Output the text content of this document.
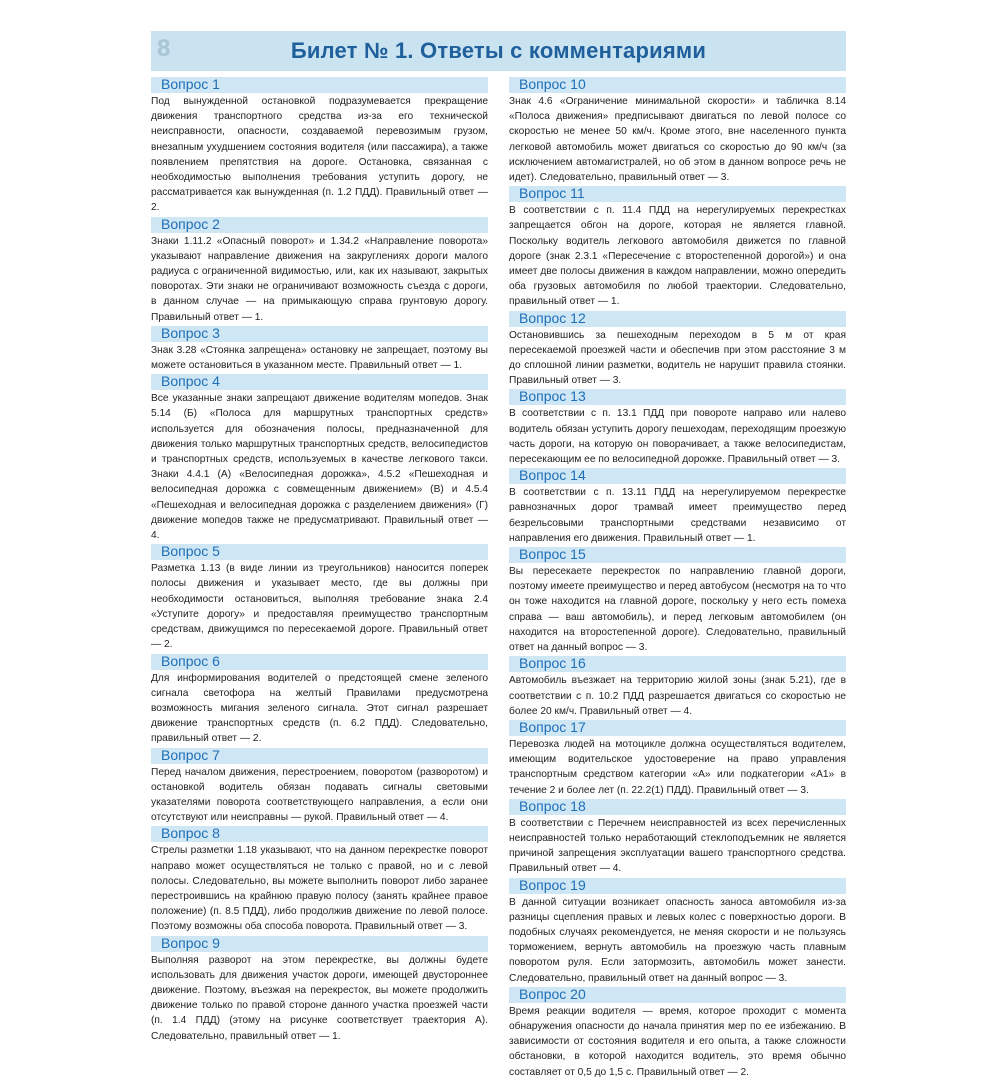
8	Билет № 1. Ответы с комментариями
Вопрос 1

Под вынужденной остановкой подразумевается прекращение движения транспортного средства из-за его технической неисправности, опасности, создаваемой перевозимым грузом, внезапным ухудшением состояния водителя (или пассажира), а также появлением препятствия на дороге. Остановка, связанная с необходимостью выполнения требования уступить дорогу, не рассматривается как вынужденная (п. 1.2 ПДД). Правильный ответ — 2.

Вопрос 2

Знаки 1.11.2 «Опасный поворот» и 1.34.2 «Направление поворота» указывают направление движения на закруглениях дороги малого радиуса с ограниченной видимостью, или, как их называют, закрытых поворотах. Эти знаки не ограничивают возможность съезда с дороги, в данном случае — на примыкающую справа грунтовую дорогу. Правильный ответ — 1.

Вопрос 3

Знак 3.28 «Стоянка запрещена» остановку не запрещает, поэтому вы можете остановиться в указанном месте. Правильный ответ — 1.

Вопрос 4

Все указанные знаки запрещают движение водителям мопедов. Знак 5.14 (Б) «Полоса для маршрутных транспортных средств» используется для обозначения полосы, предназначенной для движения только маршрутных транспортных средств, велосипедистов и транспортных средств, используемых в качестве легкового такси. Знаки 4.4.1 (А) «Велосипедная дорожка», 4.5.2 «Пешеходная и велосипедная дорожка с совмещенным движением» (В) и 4.5.4 «Пешеходная и велосипедная дорожка с разделением движения» (Г) движение мопедов также не предусматривают. Правильный ответ — 4.

Вопрос 5

Разметка 1.13 (в виде линии из треугольников) наносится поперек полосы движения и указывает место, где вы должны при необходимости остановиться, выполняя требование знака 2.4 «Уступите дорогу» и предоставляя преимущество транспортным средствам, движущимся по пересекаемой дороге. Правильный ответ — 2.

Вопрос 6

Для информирования водителей о предстоящей смене зеленого сигнала светофора на желтый Правилами предусмотрена возможность мигания зеленого сигнала. Этот сигнал разрешает движение транспортных средств (п. 6.2 ПДД). Следовательно, правильный ответ — 2.

Вопрос 7

Перед началом движения, перестроением, поворотом (разворотом) и остановкой водитель обязан подавать сигналы световыми указателями поворота соответствующего направления, а если они отсутствуют или неисправны — рукой. Правильный ответ — 4.

Вопрос 8

Стрелы разметки 1.18 указывают, что на данном перекрестке поворот направо может осуществляться не только с правой, но и с левой полосы. Следовательно, вы можете выполнить поворот либо заранее перестроившись на крайнюю правую полосу (занять крайнее правое положение) (п. 8.5 ПДД), либо продолжив движение по левой полосе. Поэтому возможны оба способа поворота. Правильный ответ — 3.

Вопрос 9

Выполняя разворот на этом перекрестке, вы должны будете использовать для движения участок дороги, имеющей двустороннее движение. Поэтому, въезжая на перекресток, вы можете продолжить движение только по правой стороне данного участка проезжей части (п. 1.4 ПДД) (этому на рисунке соответствует траектория А). Следовательно, правильный ответ — 1.

Вопрос 10

Знак 4.6 «Ограничение минимальной скорости» и табличка 8.14 «Полоса движения» предписывают двигаться по левой полосе со скоростью не менее 50 км/ч. Кроме этого, вне населенного пункта легковой автомобиль может двигаться со скоростью до 90 км/ч (за исключением автомагистралей, но об этом в данном вопросе речь не идет). Следовательно, правильный ответ — 3.

Вопрос 11

В соответствии с п. 11.4 ПДД на нерегулируемых перекрестках запрещается обгон на дороге, которая не является главной. Поскольку водитель легкового автомобиля движется по главной дороге (знак 2.3.1 «Пересечение с второстепенной дорогой») и она имеет две полосы движения в каждом направлении, можно опередить оба грузовых автомобиля по любой траектории. Следовательно, правильный ответ — 1.

Вопрос 12

Остановившись за пешеходным переходом в 5 м от края пересекаемой проезжей части и обеспечив при этом расстояние 3 м до сплошной линии разметки, водитель не нарушит правила стоянки. Правильный ответ — 3.

Вопрос 13

В соответствии с п. 13.1 ПДД при повороте направо или налево водитель обязан уступить дорогу пешеходам, переходящим проезжую часть дороги, на которую он поворачивает, а также велосипедистам, пересекающим ее по велосипедной дорожке. Правильный ответ — 3.

Вопрос 14

В соответствии с п. 13.11 ПДД на нерегулируемом перекрестке равнозначных дорог трамвай имеет преимущество перед безрельсовыми транспортными средствами независимо от направления его движения. Правильный ответ — 1.

Вопрос 15

Вы пересекаете перекресток по направлению главной дороги, поэтому имеете преимущество и перед автобусом (несмотря на то что он тоже находится на главной дороге, поскольку у него есть помеха справа — ваш автомобиль), и перед легковым автомобилем (он находится на второстепенной дороге). Следовательно, правильный ответ на данный вопрос — 3.

Вопрос 16

Автомобиль въезжает на территорию жилой зоны (знак 5.21), где в соответствии с п. 10.2 ПДД разрешается двигаться со скоростью не более 20 км/ч. Правильный ответ — 4.

Вопрос 17

Перевозка людей на мотоцикле должна осуществляться водителем, имеющим водительское удостоверение на право управления транспортным средством категории «А» или подкатегории «А1» в течение 2 и более лет (п. 22.2(1) ПДД). Правильный ответ — 3.

Вопрос 18

В соответствии с Перечнем неисправностей из всех перечисленных неисправностей только неработающий стеклоподъемник не является причиной запрещения эксплуатации вашего транспортного средства. Правильный ответ — 4.

Вопрос 19

В данной ситуации возникает опасность заноса автомобиля из-за разницы сцепления правых и левых колес с поверхностью дороги. В подобных случаях рекомендуется, не меняя скорости и не пользуясь торможением, вернуть автомобиль на проезжую часть плавным поворотом руля. Если затормозить, автомобиль может занести. Следовательно, правильный ответ на данный вопрос — 3.

Вопрос 20

Время реакции водителя — время, которое проходит с момента обнаружения опасности до начала принятия мер по ее избежанию. В зависимости от состояния водителя и его опыта, а также сложности обстановки, в которой находится водитель, это время обычно составляет от 0,5 до 1,5 с. Правильный ответ — 2.
